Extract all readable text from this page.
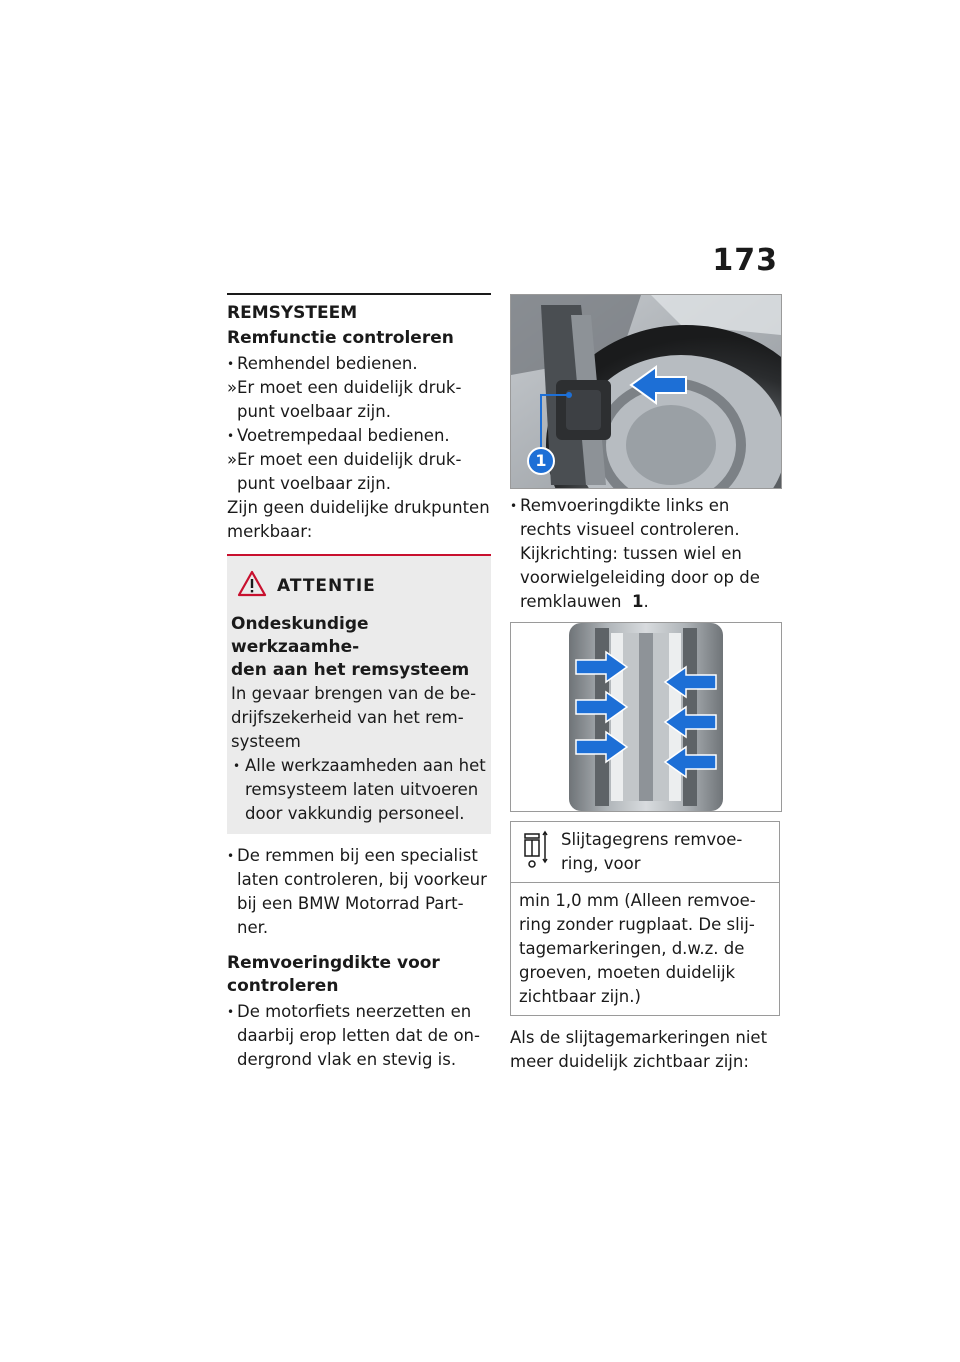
173
REMSYSTEEM
Remfunctie controleren
• Remhendel bedienen.
» Er moet een duidelijk druk-
punt voelbaar zijn.
• Voetrempedaal bedienen.
» Er moet een duidelijk druk-
punt voelbaar zijn.
Zijn geen duidelijke drukpunten
merkbaar:
ATTENTIE
Ondeskundige werkzaamhe-
den aan het remsysteem
In gevaar brengen van de be-
drijfszekerheid van het rem-
systeem
• Alle werkzaamheden aan het
remsysteem laten uitvoeren
door vakkundig personeel.
• De remmen bij een specialist
laten controleren, bij voorkeur
bij een BMW Motorrad Part-
ner.
Remvoeringdikte voor
controleren
• De motorfiets neerzetten en
daarbij erop letten dat de on-
dergrond vlak en stevig is.
1
• Remvoeringdikte links en
rechts visueel controleren.
Kijkrichting: tussen wiel en
voorwielgeleiding door op de
remklauwen 1.
Slijtagegrens remvoe-
ring, voor
min 1,0 mm (Alleen remvoe-
ring zonder rugplaat. De slij-
tagemarkeringen, d.w.z. de
groeven, moeten duidelijk
zichtbaar zijn.)
Als de slijtagemarkeringen niet
meer duidelijk zichtbaar zijn:
